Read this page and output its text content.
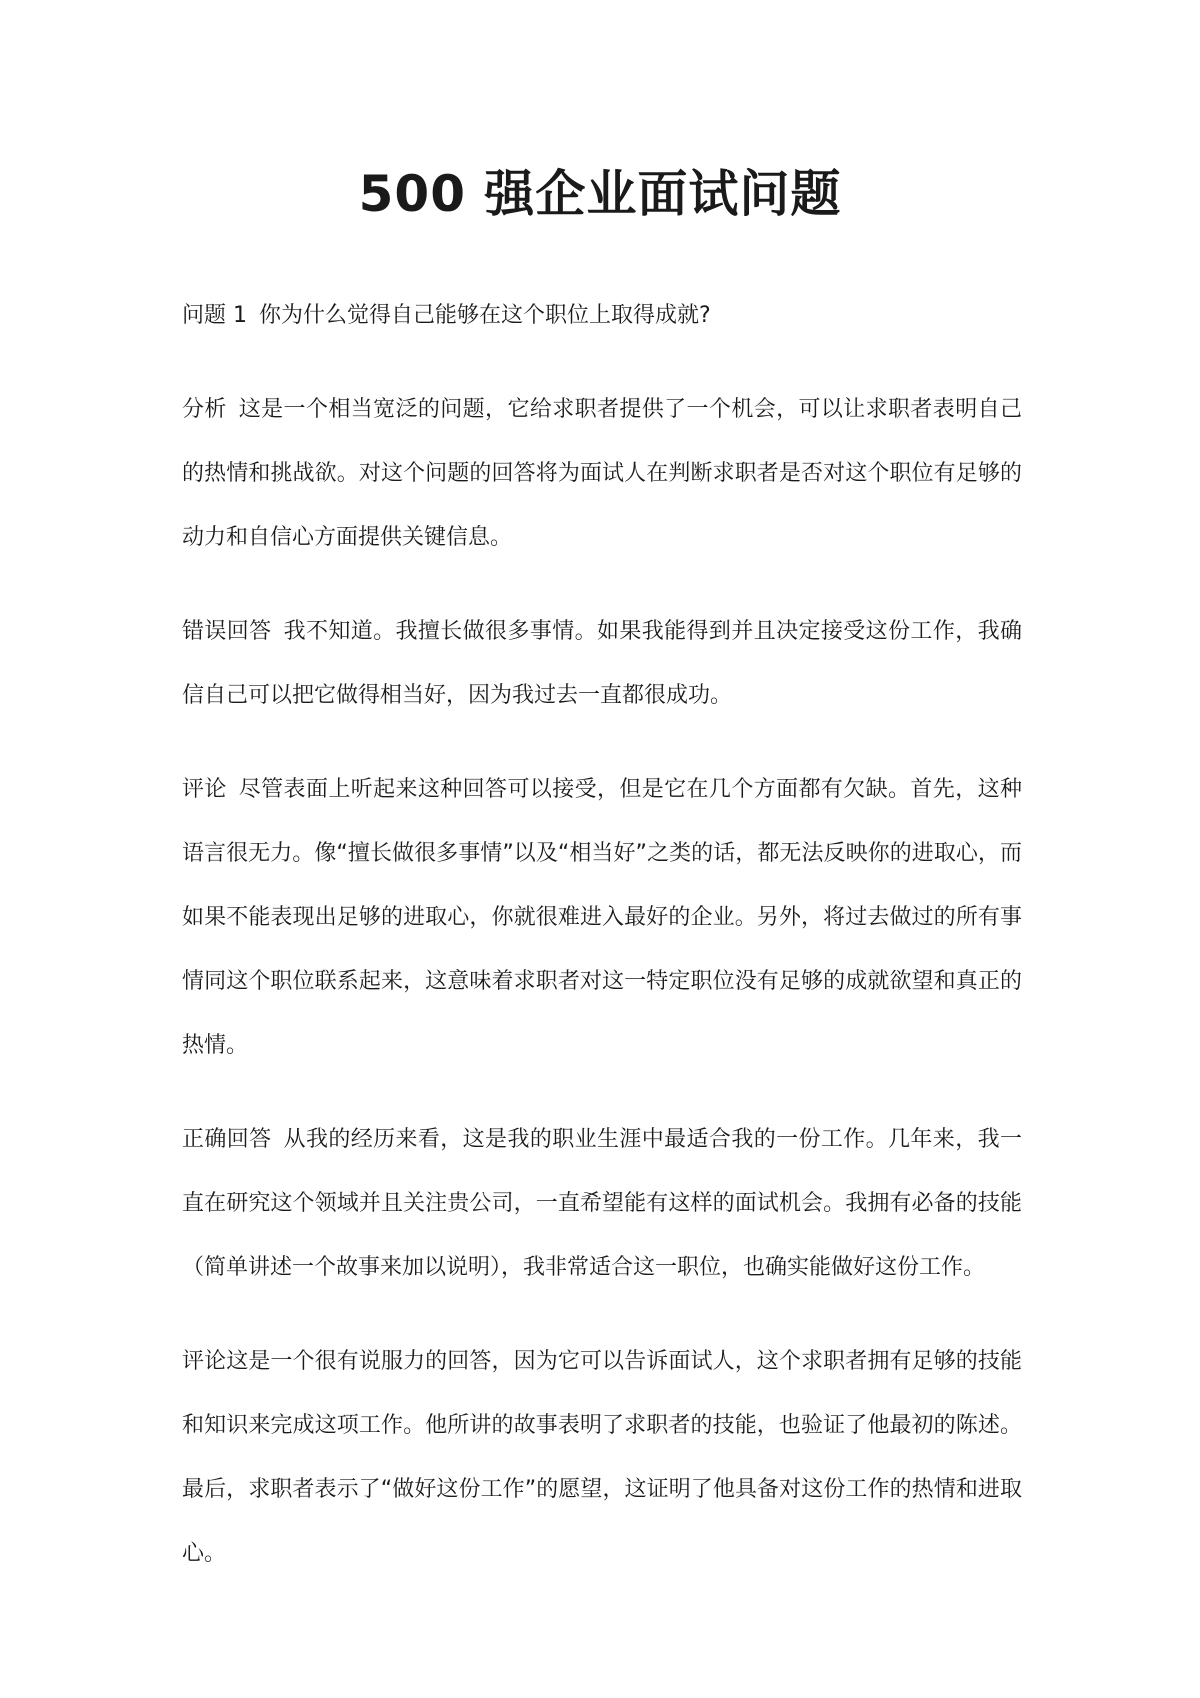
500 强企业面试问题

问题 1 你为什么觉得自己能够在这个职位上取得成就?

分析 这是一个相当宽泛的问题，它给求职者提供了一个机会，可以让求职者表明自己的热情和挑战欲。对这个问题的回答将为面试人在判断求职者是否对这个职位有足够的动力和自信心方面提供关键信息。

错误回答 我不知道。我擅长做很多事情。如果我能得到并且决定接受这份工作，我确信自己可以把它做得相当好，因为我过去一直都很成功。

评论 尽管表面上听起来这种回答可以接受，但是它在几个方面都有欠缺。首先，这种语言很无力。像“擅长做很多事情”以及“相当好”之类的话，都无法反映你的进取心，而如果不能表现出足够的进取心，你就很难进入最好的企业。另外，将过去做过的所有事情同这个职位联系起来，这意味着求职者对这一特定职位没有足够的成就欲望和真正的热情。

正确回答 从我的经历来看，这是我的职业生涯中最适合我的一份工作。几年来，我一直在研究这个领域并且关注贵公司，一直希望能有这样的面试机会。我拥有必备的技能（简单讲述一个故事来加以说明），我非常适合这一职位，也确实能做好这份工作。

评论这是一个很有说服力的回答，因为它可以告诉面试人，这个求职者拥有足够的技能和知识来完成这项工作。他所讲的故事表明了求职者的技能，也验证了他最初的陈述。最后，求职者表示了“做好这份工作”的愿望，这证明了他具备对这份工作的热情和进取心。
